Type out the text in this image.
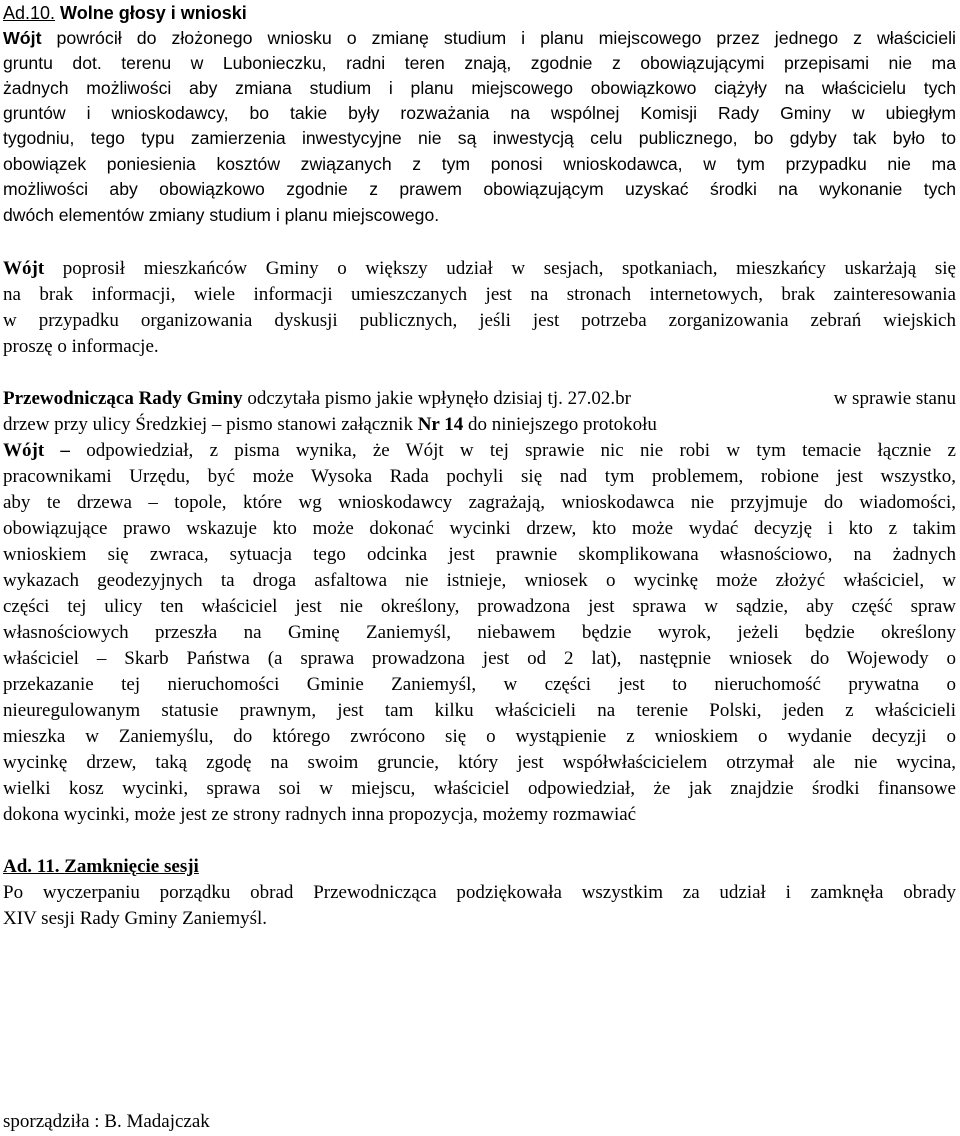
Ad.10. Wolne głosy i wnioski
Wójt powrócił do złożonego wniosku o zmianę studium i planu miejscowego przez jednego z właścicieli
gruntu dot. terenu w Lubonieczku, radni teren znają, zgodnie z obowiązującymi przepisami nie ma
żadnych możliwości aby zmiana studium i planu miejscowego obowiązkowo ciążyły na właścicielu tych
gruntów i wnioskodawcy, bo takie były rozważania na wspólnej Komisji Rady Gminy w ubiegłym
tygodniu, tego typu zamierzenia inwestycyjne nie są inwestycją celu publicznego, bo gdyby tak było to
obowiązek poniesienia kosztów związanych z tym ponosi wnioskodawca, w tym przypadku nie ma
możliwości aby obowiązkowo zgodnie z prawem obowiązującym uzyskać środki na wykonanie tych
dwóch elementów zmiany studium i planu miejscowego.
Wójt poprosił mieszkańców Gminy o większy udział w sesjach, spotkaniach, mieszkańcy uskarżają się
na brak informacji, wiele informacji umieszczanych jest na stronach internetowych, brak zainteresowania
w przypadku organizowania dyskusji publicznych, jeśli jest potrzeba zorganizowania zebrań wiejskich
proszę o informacje.
Przewodnicząca Rady Gminy odczytała pismo jakie wpłynęło dzisiaj tj. 27.02.br	w sprawie stanu
drzew przy ulicy Średzkiej – pismo stanowi załącznik Nr 14 do niniejszego protokołu
Wójt – odpowiedział, z pisma wynika, że Wójt w tej sprawie nic nie robi w tym temacie łącznie z
pracownikami Urzędu, być może Wysoka Rada pochyli się nad tym problemem, robione jest wszystko,
aby te drzewa – topole, które wg wnioskodawcy zagrażają, wnioskodawca nie przyjmuje do wiadomości,
obowiązujące prawo wskazuje kto może dokonać wycinki drzew, kto może wydać decyzję i kto z takim
wnioskiem się zwraca, sytuacja tego odcinka jest prawnie skomplikowana własnościowo, na żadnych
wykazach geodezyjnych ta droga asfaltowa nie istnieje, wniosek o wycinkę może złożyć właściciel, w
części tej ulicy ten właściciel jest nie określony, prowadzona jest sprawa w sądzie, aby część spraw
własnościowych przeszła na Gminę Zaniemyśl, niebawem będzie wyrok, jeżeli będzie określony
właściciel – Skarb Państwa (a sprawa prowadzona jest od 2 lat), następnie wniosek do Wojewody o
przekazanie tej nieruchomości Gminie Zaniemyśl, w części jest to nieruchomość prywatna o
nieuregulowanym statusie prawnym, jest tam kilku właścicieli na terenie Polski, jeden z właścicieli
mieszka w Zaniemyślu, do którego zwrócono się o wystąpienie z wnioskiem o wydanie decyzji o
wycinkę drzew, taką zgodę na swoim gruncie, który jest współwłaścicielem otrzymał ale nie wycina,
wielki kosz wycinki, sprawa soi w miejscu, właściciel odpowiedział, że jak znajdzie środki finansowe
dokona wycinki, może jest ze strony radnych inna propozycja, możemy rozmawiać
Ad. 11. Zamknięcie sesji
Po wyczerpaniu porządku obrad Przewodnicząca podziękowała wszystkim za udział i zamknęła obrady
XIV sesji Rady Gminy Zaniemyśl.
sporządziła : B. Madajczak
